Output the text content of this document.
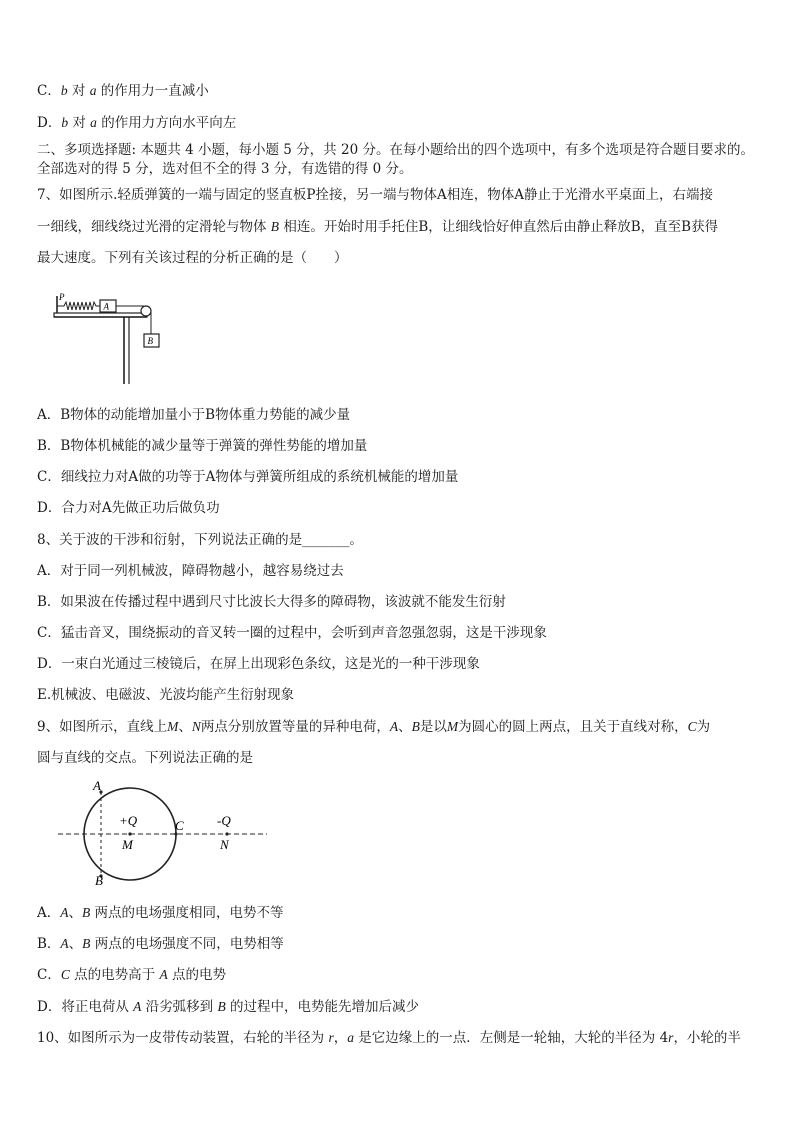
C．b 对 a 的作用力一直减小
D．b 对 a 的作用力方向水平向左
二、多项选择题: 本题共 4 小题，每小题 5 分，共 20 分。在每小题给出的四个选项中，有多个选项是符合题目要求的。
全部选对的得 5 分，选对但不全的得 3 分，有选错的得 0 分。
7、如图所示.轻质弹簧的一端与固定的竖直板P拴接，另一端与物体A相连，物体A静止于光滑水平桌面上，右端接
一细线，细线绕过光滑的定滑轮与物体 B 相连。开始时用手托住B，让细线恰好伸直然后由静止释放B，直至B获得
最大速度。下列有关该过程的分析正确的是（　　）
P
A
B
A．B物体的动能增加量小于B物体重力势能的减少量
B．B物体机械能的减少量等于弹簧的弹性势能的增加量
C．细线拉力对A做的功等于A物体与弹簧所组成的系统机械能的增加量
D．合力对A先做正功后做负功
8、关于波的干涉和衍射，下列说法正确的是_______。
A．对于同一列机械波，障碍物越小，越容易绕过去
B．如果波在传播过程中遇到尺寸比波长大得多的障碍物，该波就不能发生衍射
C．猛击音叉，围绕振动的音叉转一圈的过程中，会听到声音忽强忽弱，这是干涉现象
D．一束白光通过三棱镜后，在屏上出现彩色条纹，这是光的一种干涉现象
E.机械波、电磁波、光波均能产生衍射现象
9、如图所示，直线上M、N两点分别放置等量的异种电荷，A、B是以M为圆心的圆上两点，且关于直线对称，C为
圆与直线的交点。下列说法正确的是
A
B
C
+Q
M
-Q
N
A．A、B 两点的电场强度相同，电势不等
B．A、B 两点的电场强度不同，电势相等
C．C 点的电势高于 A 点的电势
D．将正电荷从 A 沿劣弧移到 B 的过程中，电势能先增加后减少
10、如图所示为一皮带传动装置，右轮的半径为 r，a 是它边缘上的一点．左侧是一轮轴，大轮的半径为 4r，小轮的半
